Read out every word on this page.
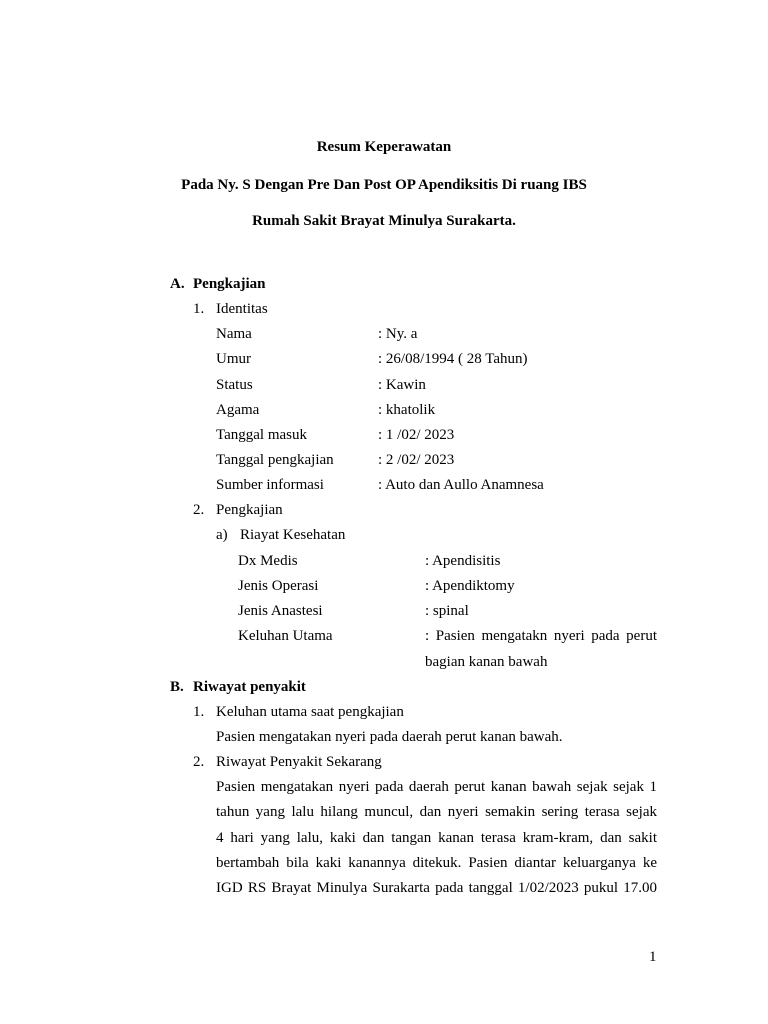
Resum Keperawatan
Pada Ny. S Dengan Pre Dan Post OP Apendiksitis Di ruang IBS
Rumah Sakit Brayat Minulya Surakarta.
A. Pengkajian
1. Identitas
Nama	: Ny. a
Umur	: 26/08/1994 ( 28 Tahun)
Status	: Kawin
Agama	: khatolik
Tanggal masuk	: 1 /02/ 2023
Tanggal pengkajian	: 2 /02/ 2023
Sumber informasi	: Auto dan Aullo Anamnesa
2. Pengkajian
a) Riayat Kesehatan
Dx Medis	: Apendisitis
Jenis Operasi	: Apendiktomy
Jenis Anastesi	: spinal
Keluhan Utama	: Pasien mengatakn nyeri pada perut
bagian kanan bawah
B. Riwayat penyakit
1. Keluhan utama saat pengkajian
Pasien mengatakan nyeri pada daerah perut kanan bawah.
2. Riwayat Penyakit Sekarang
Pasien mengatakan nyeri pada daerah perut kanan bawah sejak sejak 1
tahun yang lalu hilang muncul, dan nyeri semakin sering terasa sejak
4 hari yang lalu, kaki dan tangan kanan terasa kram-kram, dan sakit
bertambah bila kaki kanannya ditekuk. Pasien diantar keluarganya ke
IGD RS Brayat Minulya Surakarta pada tanggal 1/02/2023 pukul 17.00
1
